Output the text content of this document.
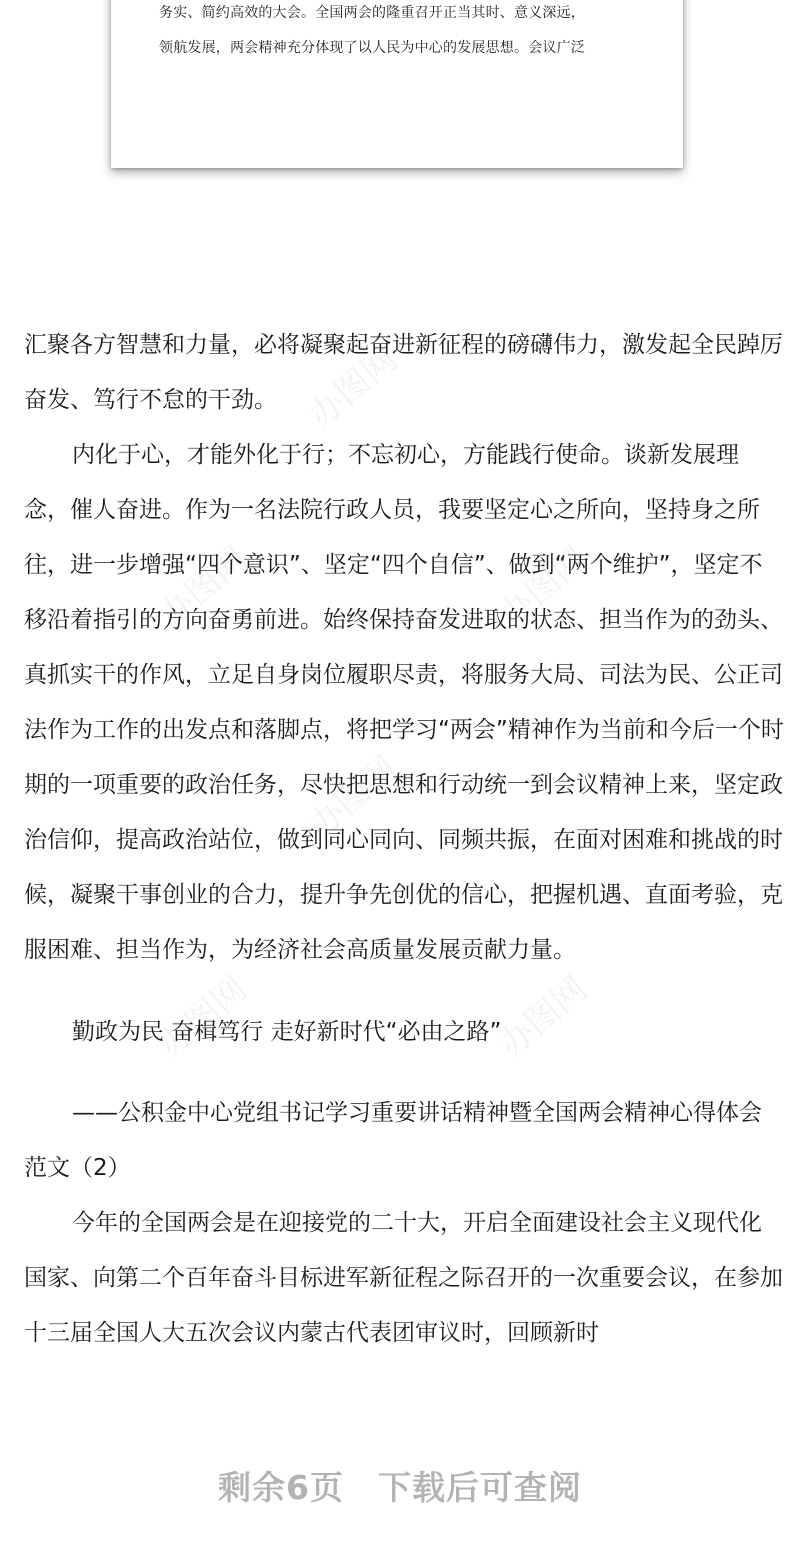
务实、简约高效的大会。全国两会的隆重召开正当其时、意义深远，
领航发展，两会精神充分体现了以人民为中心的发展思想。会议广泛
办图网
办图网
办图网
办图网	办图网
办图网

汇聚各方智慧和力量，必将凝聚起奋进新征程的磅礴伟力，激发起全民踔厉奋发、笃行不怠的干劲。

内化于心，才能外化于行；不忘初心，方能践行使命。谈新发展理念，催人奋进。作为一名法院行政人员，我要坚定心之所向，坚持身之所往，进一步增强“四个意识”、坚定“四个自信”、做到“两个维护”，坚定不移沿着指引的方向奋勇前进。始终保持奋发进取的状态、担当作为的劲头、真抓实干的作风，立足自身岗位履职尽责，将服务大局、司法为民、公正司法作为工作的出发点和落脚点，将把学习“两会”精神作为当前和今后一个时期的一项重要的政治任务，尽快把思想和行动统一到会议精神上来，坚定政治信仰，提高政治站位，做到同心同向、同频共振，在面对困难和挑战的时候，凝聚干事创业的合力，提升争先创优的信心，把握机遇、直面考验，克服困难、担当作为，为经济社会高质量发展贡献力量。

勤政为民 奋楫笃行 走好新时代“必由之路”

——公积金中心党组书记学习重要讲话精神暨全国两会精神心得体会范文（2）

今年的全国两会是在迎接党的二十大，开启全面建设社会主义现代化国家、向第二个百年奋斗目标进军新征程之际召开的一次重要会议，在参加十三届全国人大五次会议内蒙古代表团审议时，回顾新时

剩余6页 下载后可查阅
